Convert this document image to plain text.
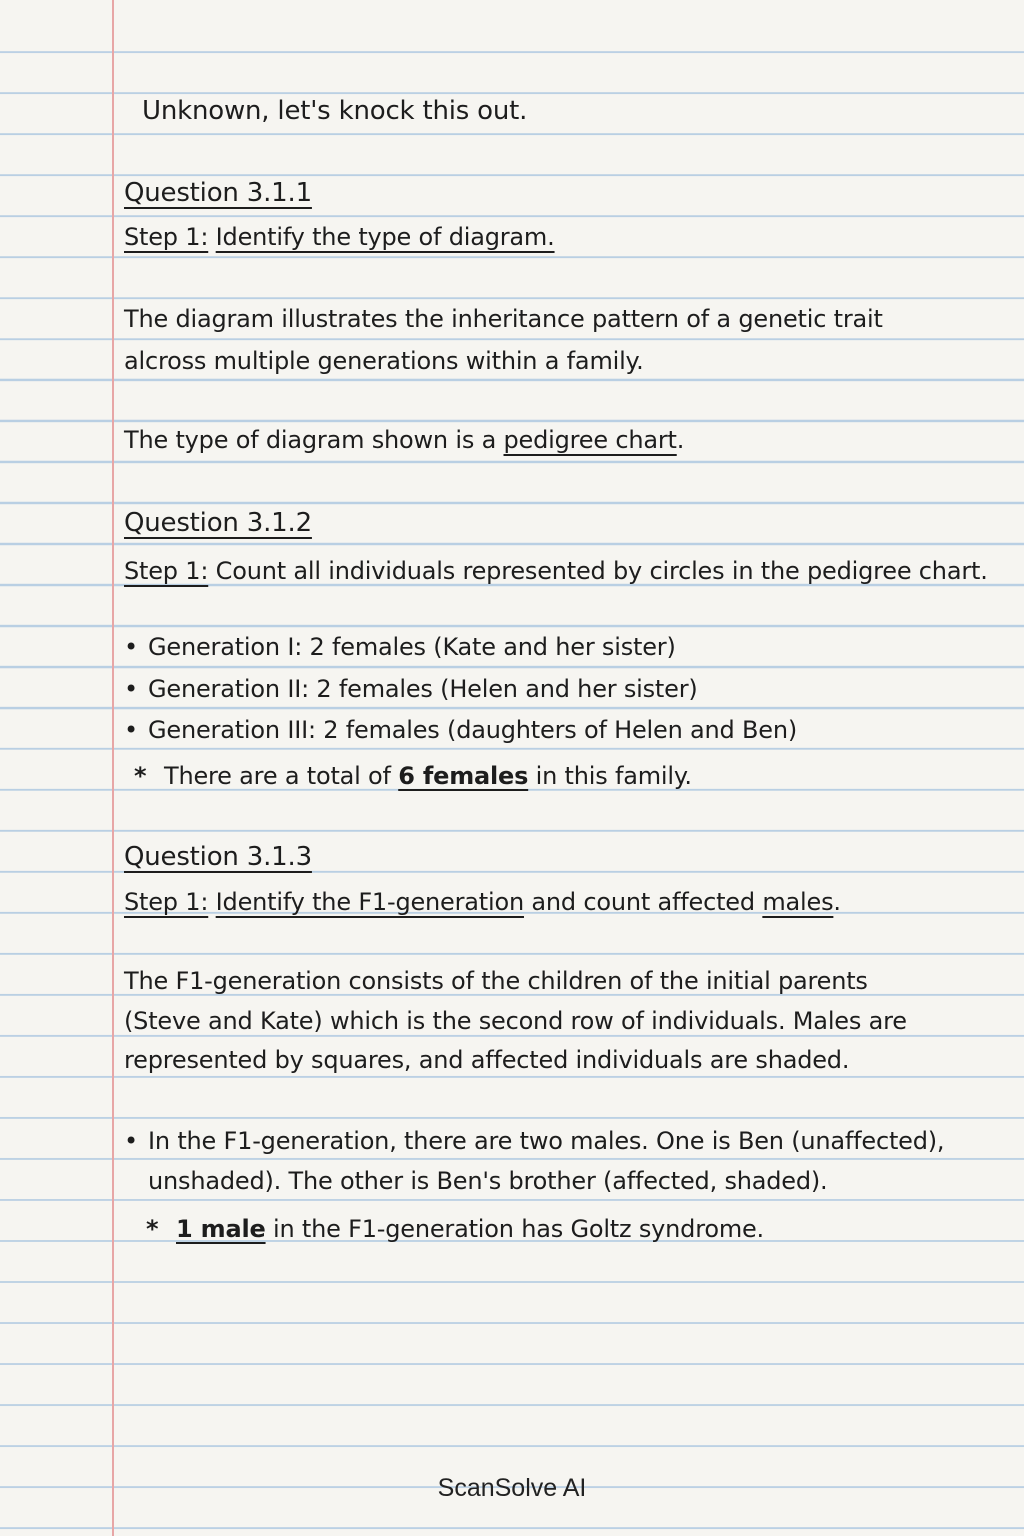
Unknown, let's knock this out.
Question 3.1.1
Step 1: Identify the type of diagram.
The diagram illustrates the inheritance pattern of a genetic trait
alcross multiple generations within a family.
The type of diagram shown is a pedigree chart.
Question 3.1.2
Step 1: Count all individuals represented by circles in the pedigree chart.
• Generation I: 2 females (Kate and her sister)
• Generation II: 2 females (Helen and her sister)
• Generation III: 2 females (daughters of Helen and Ben)
* There are a total of 6 females in this family.
Question 3.1.3
Step 1: Identify the F1-generation and count affected males.
The F1-generation consists of the children of the initial parents
(Steve and Kate) which is the second row of individuals. Males are
represented by squares, and affected individuals are shaded.
• In the F1-generation, there are two males. One is Ben (unaffected),
unshaded). The other is Ben's brother (affected, shaded).
* 1 male in the F1-generation has Goltz syndrome.
ScanSolve AI
